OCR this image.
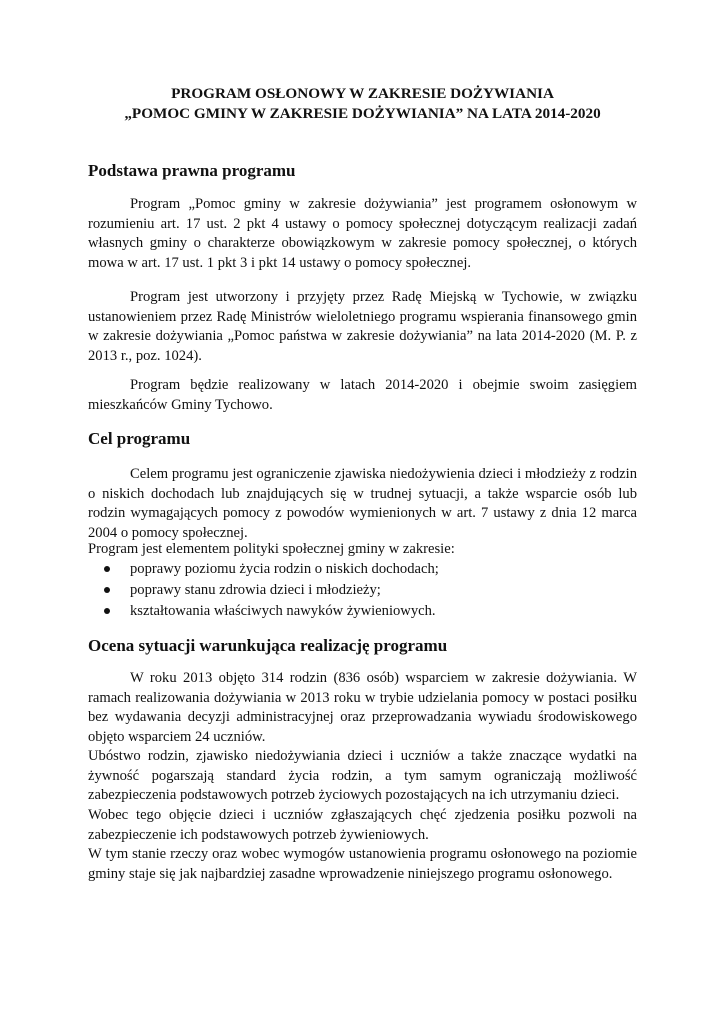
PROGRAM OSŁONOWY W ZAKRESIE DOŻYWIANIA
„POMOC GMINY W ZAKRESIE DOŻYWIANIA” NA LATA 2014-2020
Podstawa prawna programu
Program „Pomoc gminy w zakresie dożywiania” jest programem osłonowym w rozumieniu art. 17 ust. 2 pkt 4 ustawy o pomocy społecznej dotyczącym realizacji zadań własnych gminy o charakterze obowiązkowym w zakresie pomocy społecznej, o których mowa w art. 17 ust. 1 pkt 3 i pkt 14 ustawy o pomocy społecznej.
Program jest utworzony i przyjęty przez Radę Miejską w Tychowie, w związku ustanowieniem przez Radę Ministrów wieloletniego programu wspierania finansowego gmin w zakresie dożywiania „Pomoc państwa w zakresie dożywiania” na lata 2014-2020 (M. P. z 2013 r., poz. 1024).
Program będzie realizowany w latach 2014-2020 i obejmie swoim zasięgiem mieszkańców Gminy Tychowo.
Cel programu
Celem programu jest ograniczenie zjawiska niedożywienia dzieci i młodzieży z rodzin o niskich dochodach lub znajdujących się w trudnej sytuacji, a także wsparcie osób lub rodzin wymagających pomocy z powodów wymienionych w art. 7 ustawy z dnia 12 marca 2004 o pomocy społecznej.
Program jest elementem polityki społecznej gminy w zakresie:
poprawy poziomu życia rodzin o niskich dochodach;
poprawy stanu zdrowia dzieci i młodzieży;
kształtowania właściwych nawyków żywieniowych.
Ocena sytuacji warunkująca realizację programu
W roku 2013 objęto 314 rodzin (836 osób) wsparciem w zakresie dożywiania. W ramach realizowania dożywiania w 2013 roku w trybie udzielania pomocy w postaci posiłku bez wydawania decyzji administracyjnej oraz przeprowadzania wywiadu środowiskowego objęto wsparciem 24 uczniów.
Ubóstwo rodzin, zjawisko niedożywiania dzieci i uczniów a także znaczące wydatki na żywność pogarszają standard życia rodzin, a tym samym ograniczają możliwość zabezpieczenia podstawowych potrzeb życiowych pozostających na ich utrzymaniu dzieci.
Wobec tego objęcie dzieci i uczniów zgłaszających chęć zjedzenia posiłku pozwoli na zabezpieczenie ich podstawowych potrzeb żywieniowych.
W tym stanie rzeczy oraz wobec wymogów ustanowienia programu osłonowego na poziomie gminy staje się jak najbardziej zasadne wprowadzenie niniejszego programu osłonowego.
